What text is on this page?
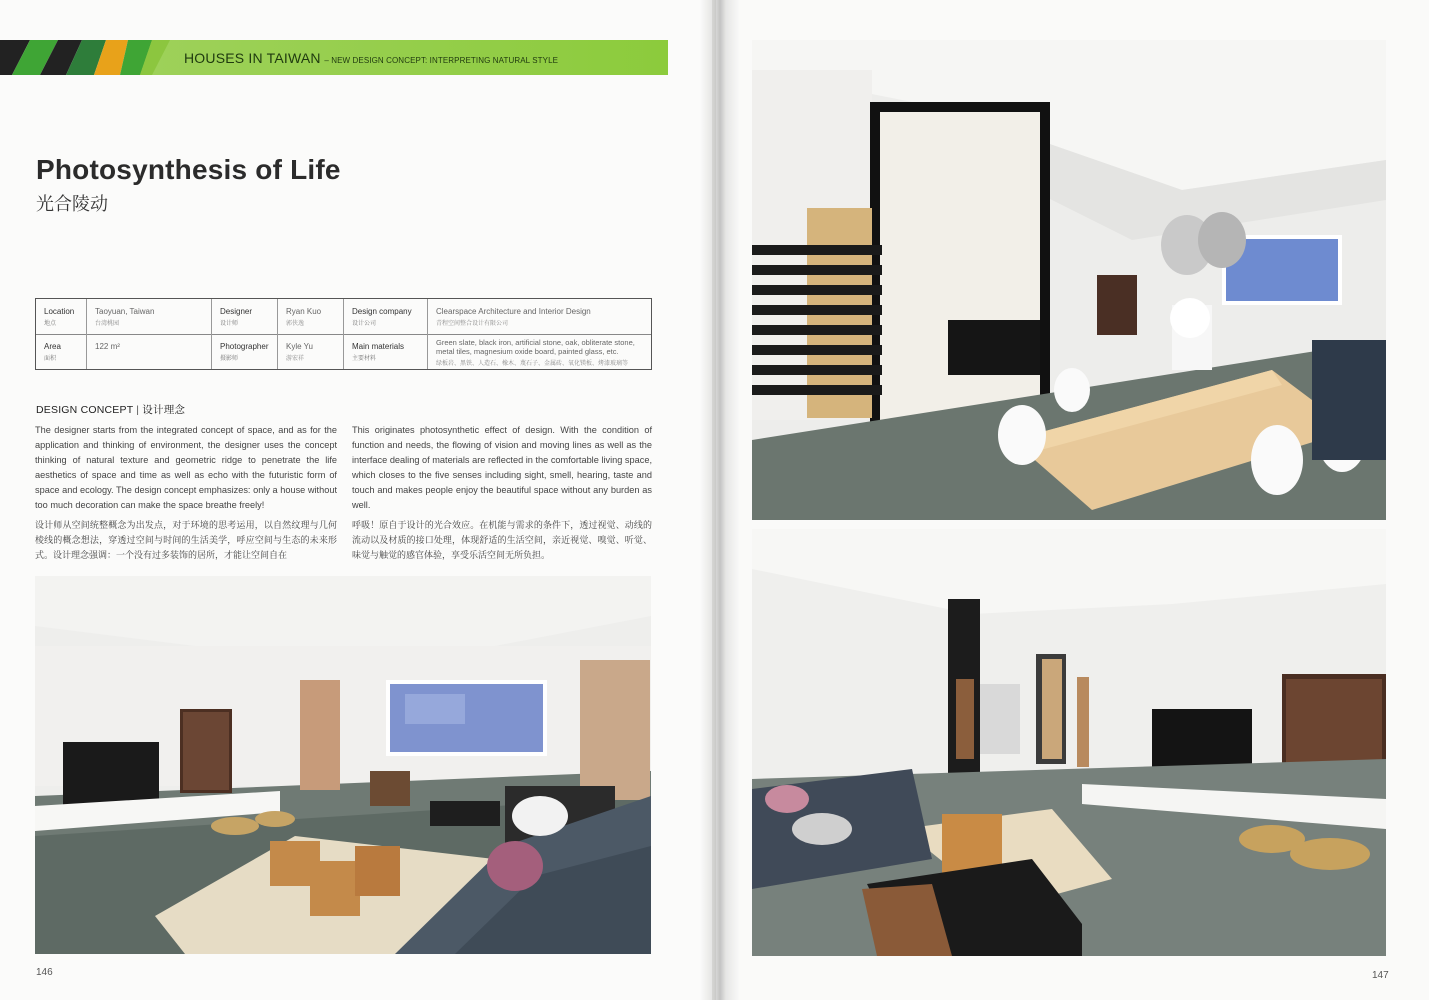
HOUSES IN TAIWAN – NEW DESIGN CONCEPT: INTERPRETING NATURAL STYLE
Photosynthesis of Life
光合陵动
Location
地点
Taoyuan, Taiwan
台湾桃园
Designer
设计师
Ryan Kuo
郭侠逸
Design company
设计公司
Clearspace Architecture and Interior Design
青程空间整合设计有限公司
Area
面积
122 m²	Photographer
摄影师
Kyle Yu
游宏祥
Main materials
主要材料
Green slate, black iron, artificial stone, oak, obliterate stone, metal tiles, magnesium oxide board, painted glass, etc.
绿板岩、黑铁、人造石、橡木、蔑石子、金属砖、氧化镁板、烤漆玻璃等
DESIGN CONCEPT | 设计理念
The designer starts from the integrated concept of space, and as for the application and thinking of environment, the designer uses the concept thinking of natural texture and geometric ridge to penetrate the life aesthetics of space and time as well as echo with the futuristic form of space and ecology. The design concept emphasizes: only a house without too much decoration can make the space breathe freely!
设计师从空间统整概念为出发点，对于环境的思考运用，以自然纹理与几何棱线的概念想法，穿透过空间与时间的生活美学，呼应空间与生态的未来形式。设计理念强调：一个没有过多装饰的居所，才能让空间自在
This originates photosynthetic effect of design. With the condition of function and needs, the flowing of vision and moving lines as well as the interface dealing of materials are reflected in the comfortable living space, which closes to the five senses including sight, smell, hearing, taste and touch and makes people enjoy the beautiful space without any burden as well.
呼吸！原自于设计的光合效应。在机能与需求的条件下，透过视觉、动线的流动以及材质的接口处理，体现舒适的生活空间，亲近视觉、嗅觉、听觉、味觉与触觉的感官体验，享受乐活空间无所负担。
146	147
